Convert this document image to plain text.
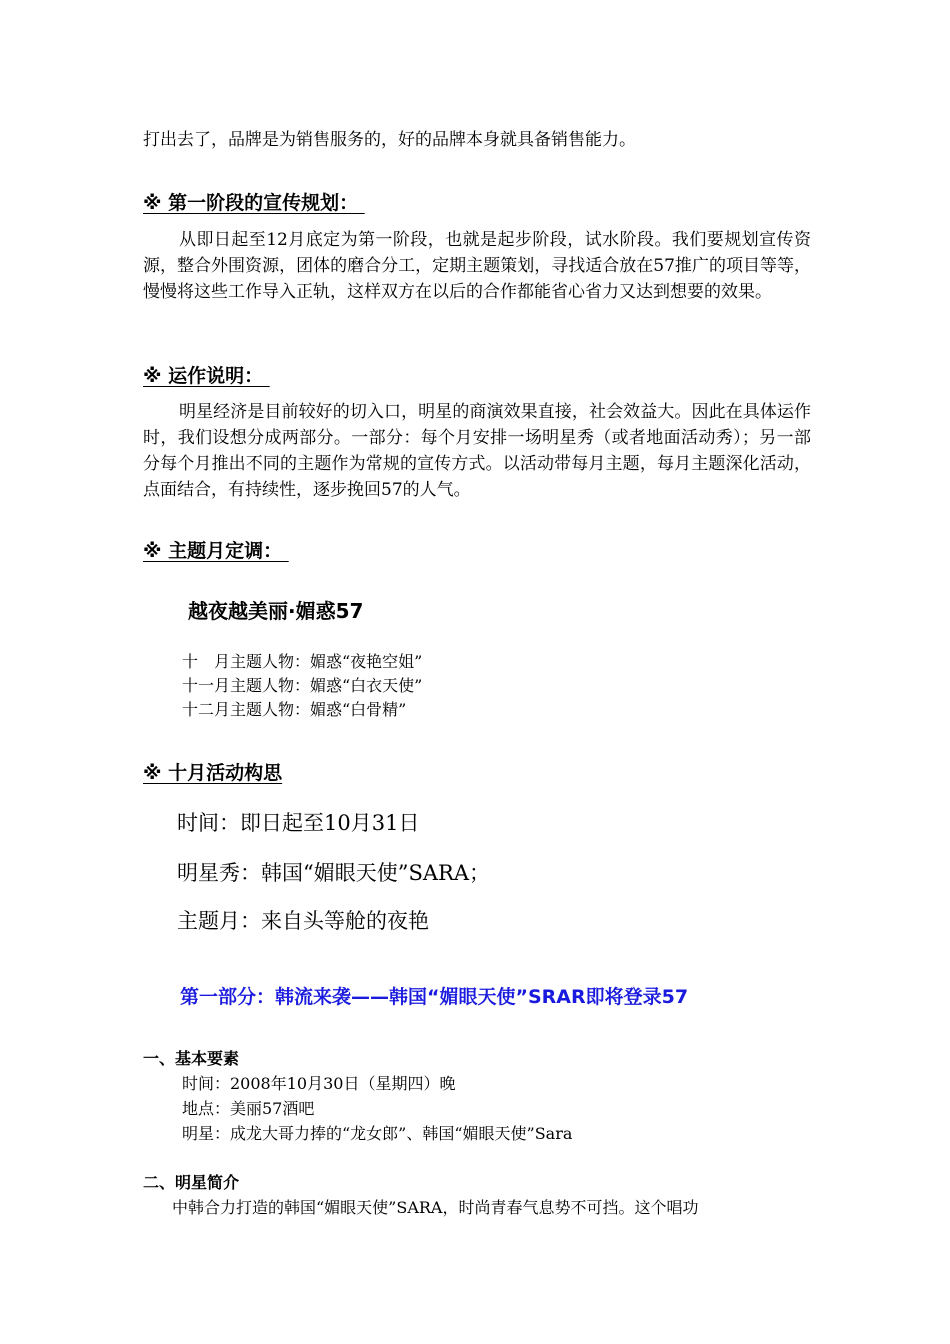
打出去了，品牌是为销售服务的，好的品牌本身就具备销售能力。
※ 第一阶段的宣传规划：
从即日起至12月底定为第一阶段，也就是起步阶段，试水阶段。我们要规划宣传资源，整合外围资源，团体的磨合分工，定期主题策划，寻找适合放在57推广的项目等等，慢慢将这些工作导入正轨，这样双方在以后的合作都能省心省力又达到想要的效果。
※ 运作说明：
明星经济是目前较好的切入口，明星的商演效果直接，社会效益大。因此在具体运作时，我们设想分成两部分。一部分：每个月安排一场明星秀（或者地面活动秀）；另一部分每个月推出不同的主题作为常规的宣传方式。以活动带每月主题，每月主题深化活动，点面结合，有持续性，逐步挽回57的人气。
※ 主题月定调：
越夜越美丽·媚惑57
十　月主题人物：媚惑“夜艳空姐”
十一月主题人物：媚惑“白衣天使”
十二月主题人物：媚惑“白骨精”
※ 十月活动构思
时间：即日起至10月31日
明星秀：韩国“媚眼天使”SARA；
主题月：来自头等舱的夜艳
第一部分：韩流来袭——韩国“媚眼天使”SRAR即将登录57
一、基本要素
时间：2008年10月30日（星期四）晚
地点：美丽57酒吧
明星：成龙大哥力捧的“龙女郎”、韩国“媚眼天使”Sara
二、明星简介
中韩合力打造的韩国“媚眼天使”SARA，时尚青春气息势不可挡。这个唱功
